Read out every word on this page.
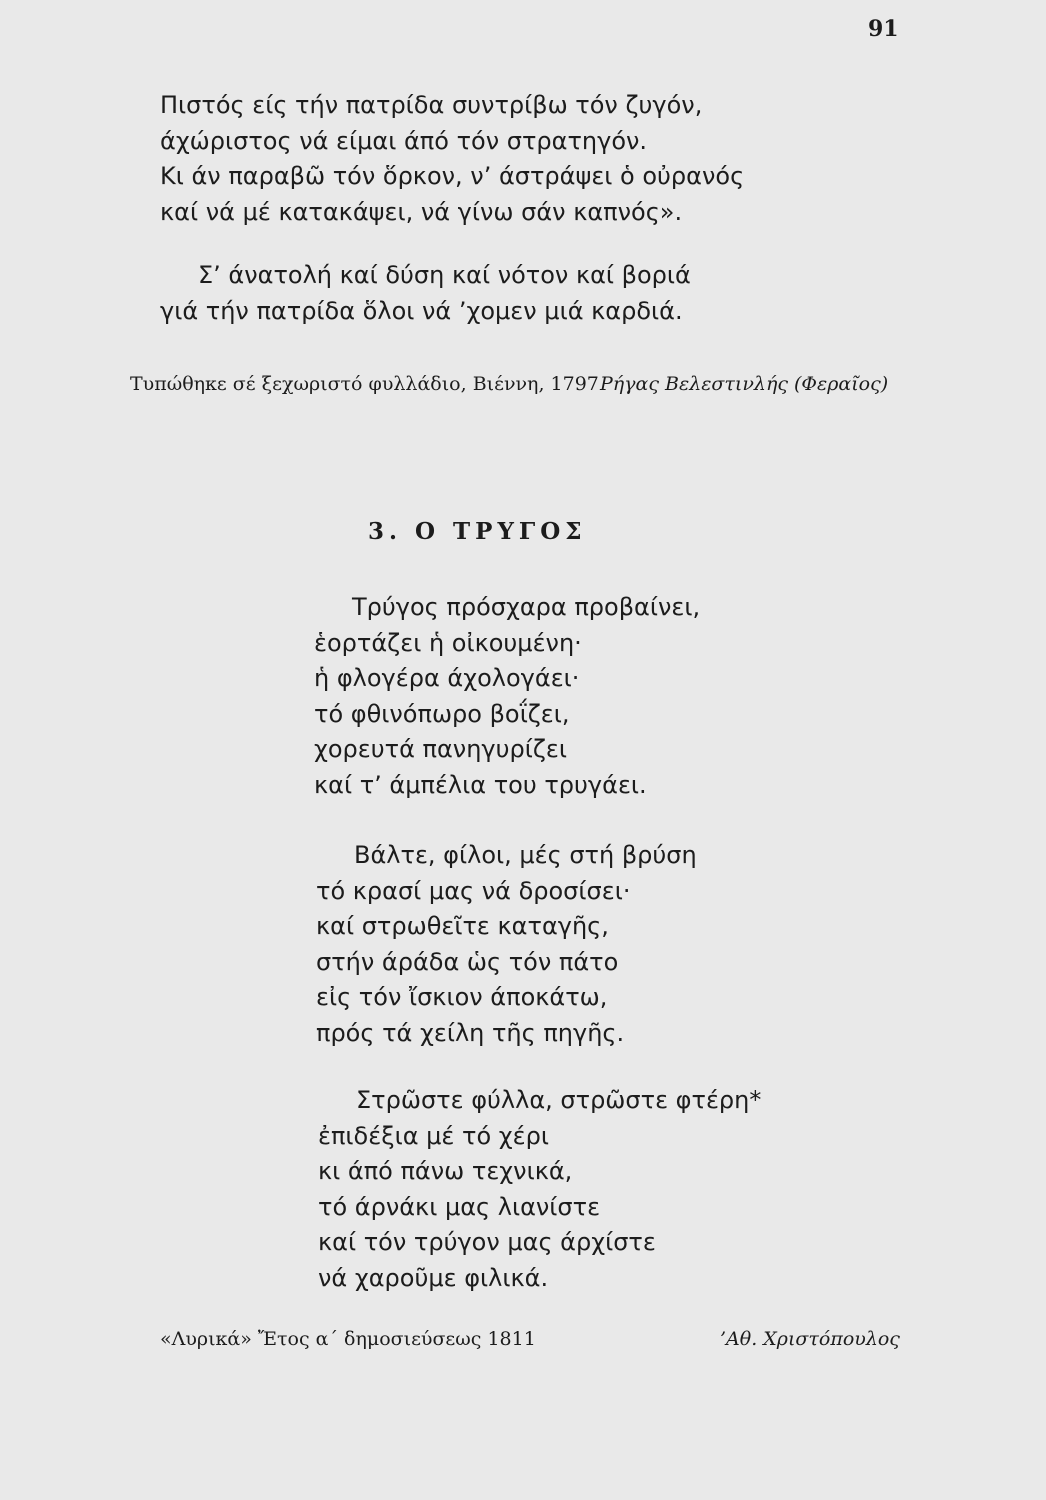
91
Πιστός είς τήν πατρίδα συντρίβω τόν ζυγόν,
άχώριστος νά είμαι άπό τόν στρατηγόν.
Κι άν παραβῶ τόν ὅρκον, ν’ άστράψει ὁ οὐρανός
καί νά μέ κατακάψει, νά γίνω σάν καπνός».
Σ’ άνατολή καί δύση καί νότον καί βοριά
γιά τήν πατρίδα ὅλοι νά ’χομεν μιά καρδιά.
Τυπώθηκε σέ ξεχωριστό φυλλάδιο, Βιέννη, 1797 Ρήγας Βελεστινλής (Φεραῖος)
3. Ο ΤΡΥΓΟΣ
Τρύγος πρόσχαρα προβαίνει,
ἑορτάζει ἡ οἰκουμένη·
ἡ φλογέρα άχολογάει·
τό φθινόπωρο βοΐζει,
χορευτά πανηγυρίζει
καί τ’ άμπέλια του τρυγάει.
Βάλτε, φίλοι, μές στή βρύση
τό κρασί μας νά δροσίσει·
καί στρωθεῖτε καταγῆς,
στήν άράδα ὡς τόν πάτο
εἰς τόν ἴσκιον άποκάτω,
πρός τά χείλη τῆς πηγῆς.
Στρῶστε φύλλα, στρῶστε φτέρη*
ἐπιδέξια μέ τό χέρι
κι άπό πάνω τεχνικά,
τό άρνάκι μας λιανίστε
καί τόν τρύγον μας άρχίστε
νά χαροῦμε φιλικά.
«Λυρικά» Ἔτος α΄ δημοσιεύσεως 1811	’Αθ. Χριστόπουλος
